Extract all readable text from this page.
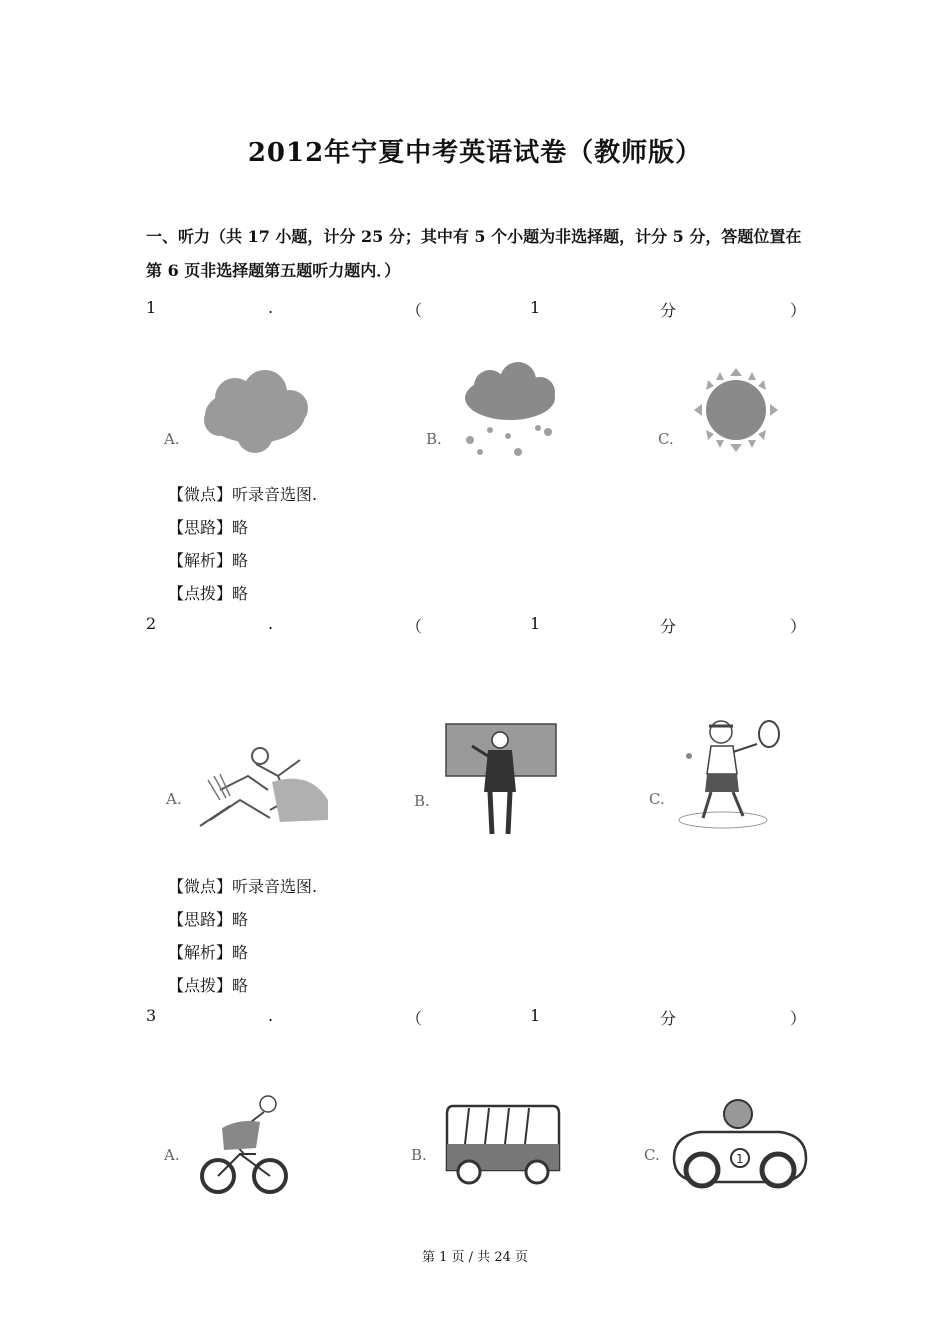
2012年宁夏中考英语试卷（教师版）
一、听力（共 17 小题，计分 25 分；其中有 5 个小题为非选择题，计分 5 分，答题位置在
第 6 页非选择题第五题听力题内．）
1	.	（	1	分	）
A.	B.	C.
【微点】听录音选图.
【思路】略
【解析】略
【点拨】略
2	.	（	1	分	）
A.	B.	C.
【微点】听录音选图.
【思路】略
【解析】略
【点拨】略
3	.	（	1	分	）
A.	B.	C.	1
第 1 页 / 共 24 页
